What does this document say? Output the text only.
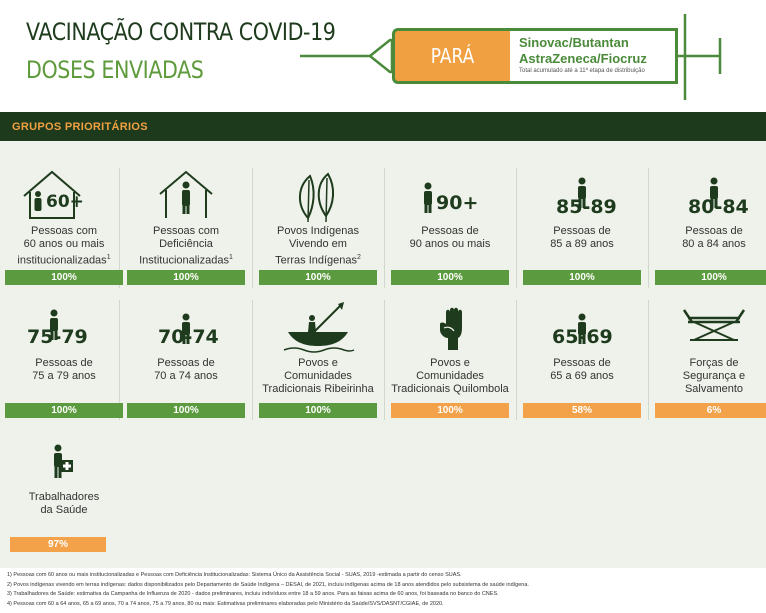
VACINAÇÃO CONTRA COVID-19
DOSES ENVIADAS	PARÁ
Sinovac/Butantan
AstraZeneca/Fiocruz
Total acumulado até a 11ª etapa de distribuição
GRUPOS PRIORITÁRIOS
60+
Pessoas com
60 anos ou mais
institucionalizadas$^1$
100%
Pessoas com
Deficiência
Institucionalizadas$^1$
100%
Povos Indígenas
Vivendo em
Terras Indígenas$^2$
100%
90+
Pessoas de
90 anos ou mais
100%
85-89
Pessoas de
85 a 89 anos
100%
80-84
Pessoas de
80 a 84 anos
100%
75-79
Pessoas de
75 a 79 anos
100%
70-74
Pessoas de
70 a 74 anos
100%
Povos e
Comunidades
Tradicionais Ribeirinha
100%
Povos e
Comunidades
Tradicionais Quilombola
100%
65-69
Pessoas de
65 a 69 anos
58%
Forças de
Segurança e
Salvamento
6%
Trabalhadores
da Saúde
97%
1) Pessoas com 60 anos ou mais institucionalizadas e Pessoas com Deficiência Institucionalizadas: Sistema Único da Assistência Social - SUAS, 2019 -estimada a partir do censo SUAS.
2) Povos indígenas vivendo em terras indígenas: dados disponibilizados pelo Departamento de Saúde Indígena – DESAI, de 2021, incluiu indígenas acima de 18 anos atendidos pelo subsistema de saúde indígena.
3) Trabalhadores de Saúde: estimativa da Campanha de Influenza de 2020 - dados preliminares, incluiu indivíduos entre 18 a 59 anos. Para as faixas acima de 60 anos, foi baseada no banco do CNES.
4) Pessoas com 60 a 64 anos, 65 a 69 anos, 70 a 74 anos, 75 a 79 anos, 80 ou mais: Estimativas preliminares elaboradas pelo Ministério da Saúde/SVS/DASNT/CGIAE, de 2020.
